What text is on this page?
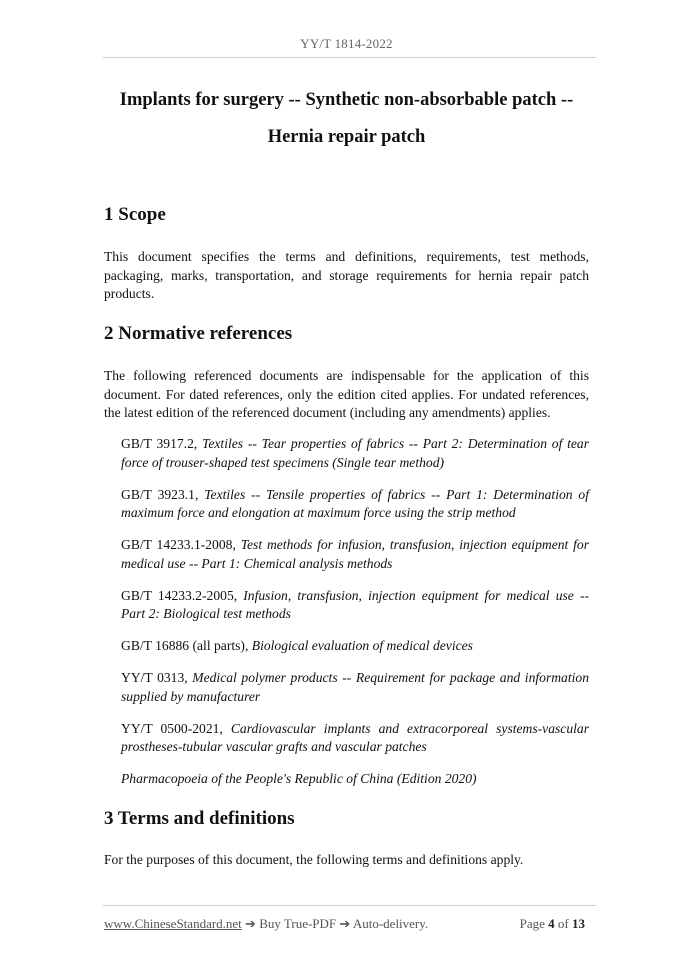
YY/T 1814-2022
Implants for surgery -- Synthetic non-absorbable patch --
Hernia repair patch
1 Scope
This document specifies the terms and definitions, requirements, test methods, packaging, marks, transportation, and storage requirements for hernia repair patch products.
2 Normative references
The following referenced documents are indispensable for the application of this document. For dated references, only the edition cited applies. For undated references, the latest edition of the referenced document (including any amendments) applies.
GB/T 3917.2, Textiles -- Tear properties of fabrics -- Part 2: Determination of tear force of trouser-shaped test specimens (Single tear method)
GB/T 3923.1, Textiles -- Tensile properties of fabrics -- Part 1: Determination of maximum force and elongation at maximum force using the strip method
GB/T 14233.1-2008, Test methods for infusion, transfusion, injection equipment for medical use -- Part 1: Chemical analysis methods
GB/T 14233.2-2005, Infusion, transfusion, injection equipment for medical use -- Part 2: Biological test methods
GB/T 16886 (all parts), Biological evaluation of medical devices
YY/T 0313, Medical polymer products -- Requirement for package and information supplied by manufacturer
YY/T 0500-2021, Cardiovascular implants and extracorporeal systems-vascular prostheses-tubular vascular grafts and vascular patches
Pharmacopoeia of the People's Republic of China (Edition 2020)
3 Terms and definitions
For the purposes of this document, the following terms and definitions apply.
www.ChineseStandard.net ➔ Buy True-PDF ➔ Auto-delivery.	Page 4 of 13
